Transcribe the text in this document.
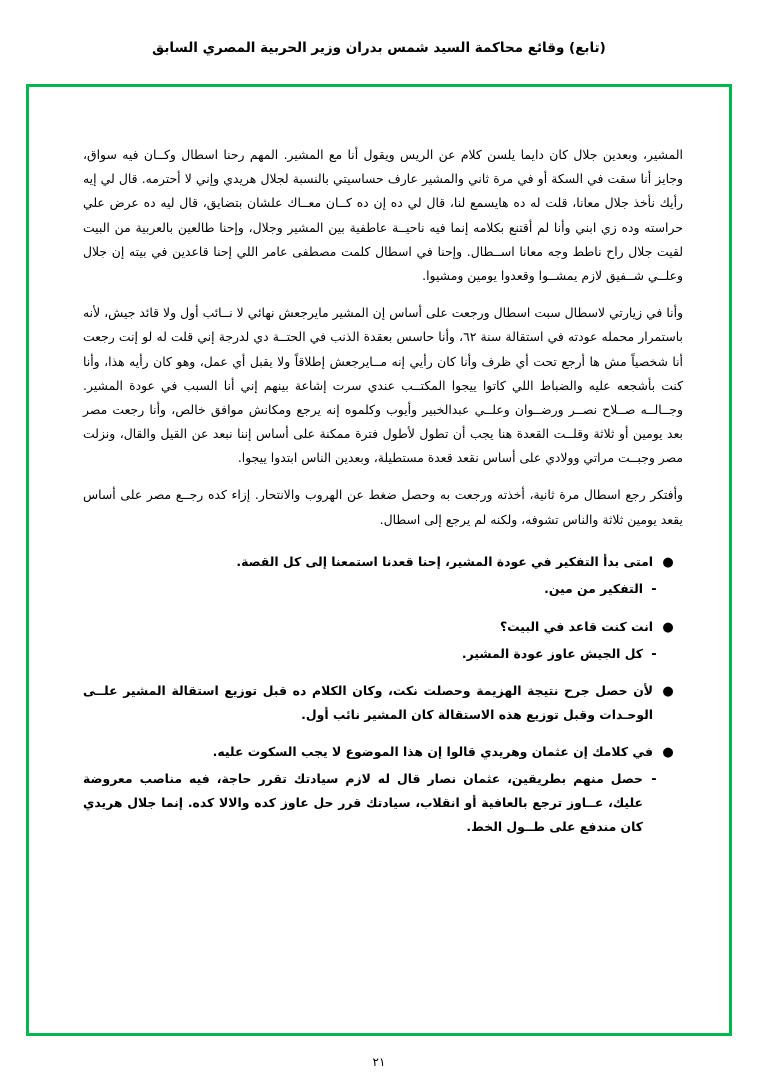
(تابع) وقائع محاكمة السيد شمس بدران وزير الحربية المصري السابق

المشير، وبعدين جلال كان دايما يلسن كلام عن الريس ويقول أنا مع المشير. المهم رحنا اسطال وكــان فيه سواق، وجايز أنا سقت في السكة أو في مرة ثاني والمشير عارف حساسيتي بالنسبة لجلال هريدي وإني لا أحترمه. قال لي إيه رأيك نأخذ جلال معانا، قلت له ده هايسمع لنا، قال لي ده إن ده كــان معــاك علشان بتضايق، قال ليه ده عرض علي حراسته وده زي ابني وأنا لم أقتنع بكلامه إنما فيه ناحيــة عاطفية بين المشير وجلال، وإحنا طالعين بالعربية من البيت لقيت جلال راح ناطط وجه معانا اســطال. وإحنا في اسطال كلمت مصطفى عامر اللي إحنا قاعدين في بيته إن جلال وعلــي شــفيق لازم يمشــوا وقعدوا يومين ومشيوا.

وأنا في زيارتي لاسطال سبت اسطال ورجعت على أساس إن المشير مايرجعش نهائي لا نــائب أول ولا قائد جيش، لأنه باستمرار محمله عودته في استقالة سنة ٦٢، وأنا حاسس بعقدة الذنب في الحتــة دي لدرجة إني قلت له لو إنت رجعت أنا شخصياً مش ها أرجع تحت أي ظرف وأنا كان رأيي إنه مــايرجعش إطلاقاً ولا يقبل أي عمل، وهو كان رأيه هذا، وأنا كنت بأشجعه عليه والضباط اللي كاتوا ييجوا المكتــب عندي سرت إشاعة بينهم إني أنا السبب في عودة المشير. وجــالــه صــلاح نصــر ورضــوان وعلــي عبدالخبير وأيوب وكلموه إنه يرجع ومكانش موافق خالص، وأنا رجعت مصر بعد يومين أو ثلاثة وقلــت القعدة هنا يجب أن تطول لأطول فترة ممكنة على أساس إننا نبعد عن القيل والقال، ونزلت مصر وجبــت مراتي وولادي على أساس نقعد قعدة مستطيلة، وبعدين الناس ابتدوا ييجوا.

وأفتكر رجع اسطال مرة ثانية، أخذته ورجعت به وحصل ضغط عن الهروب والانتحار. إزاء كده رجــع مصر على أساس يقعد يومين ثلاثة والناس تشوفه، ولكنه لم يرجع إلى اسطال.

●
امتى بدأ التفكير في عودة المشير، إحنا قعدنا استمعنا إلى كل القصة.
-
التفكير من مين.
●
انت كنت قاعد في البيت؟
-
كل الجيش عاوز عودة المشير.
●
لأن حصل جرح نتيجة الهزيمة وحصلت نكت، وكان الكلام ده قبل توزيع استقالة المشير علــى الوحـدات وقبل توزيع هذه الاستقالة كان المشير نائب أول.
●
في كلامك إن عثمان وهريدي قالوا إن هذا الموضوع لا يجب السكوت عليه.
-
حصل منهم بطريقين، عثمان نصار قال له لازم سيادتك تقرر حاجة، فيه مناصب معروضة عليك، عــاوز ترجع بالعافية أو انقلاب، سيادتك قرر حل عاوز كده والالا كده. إنما جلال هريدي كان مندفع على طــول الخط.
٢١
